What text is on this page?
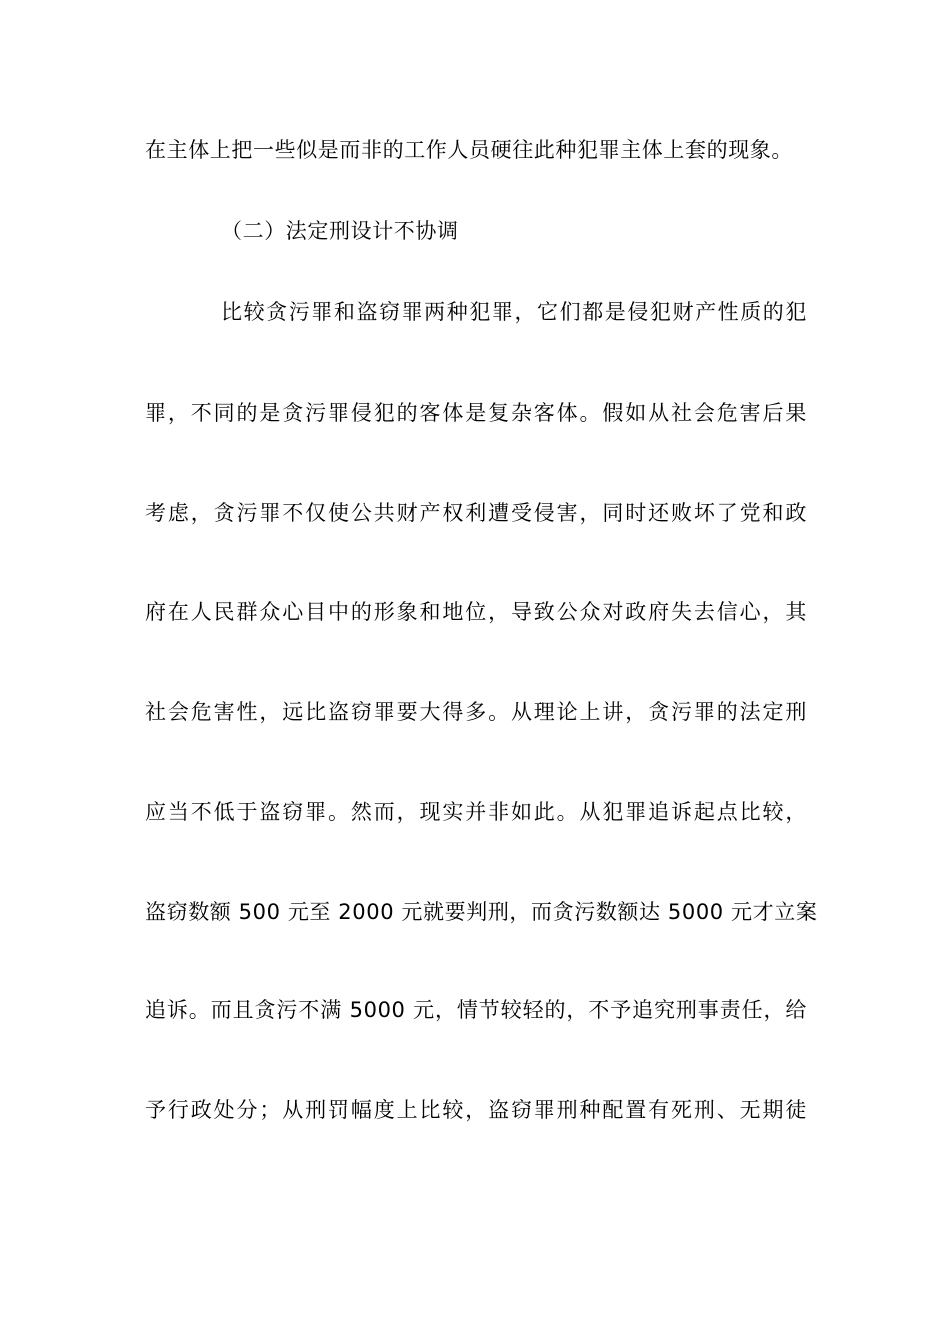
在主体上把一些似是而非的工作人员硬往此种犯罪主体上套的现象。
（二）法定刑设计不协调
比较贪污罪和盗窃罪两种犯罪，它们都是侵犯财产性质的犯
罪，不同的是贪污罪侵犯的客体是复杂客体。假如从社会危害后果
考虑，贪污罪不仅使公共财产权利遭受侵害，同时还败坏了党和政
府在人民群众心目中的形象和地位，导致公众对政府失去信心，其
社会危害性，远比盗窃罪要大得多。从理论上讲，贪污罪的法定刑
应当不低于盗窃罪。然而，现实并非如此。从犯罪追诉起点比较，
盗窃数额 500 元至 2000 元就要判刑，而贪污数额达 5000 元才立案
追诉。而且贪污不满 5000 元，情节较轻的，不予追究刑事责任，给
予行政处分；从刑罚幅度上比较，盗窃罪刑种配置有死刑、无期徒
